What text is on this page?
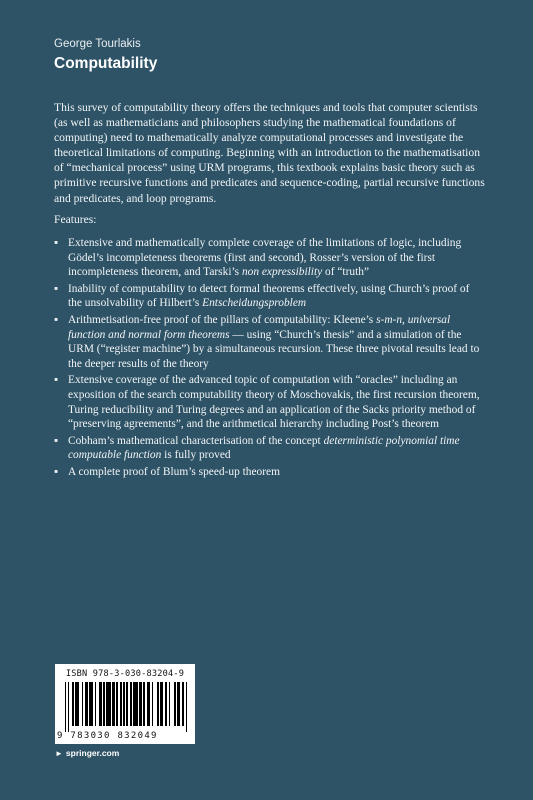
George Tourlakis
Computability

This survey of computability theory offers the techniques and tools that computer scientists (as well as mathematicians and philosophers studying the mathematical foundations of computing) need to mathematically analyze computational processes and investigate the theoretical limitations of computing. Beginning with an introduction to the mathematisation of “mechanical process” using URM programs, this textbook explains basic theory such as primitive recursive functions and predicates and sequence-coding, partial recursive functions and predicates, and loop programs.

Features:
▪ Extensive and mathematically complete coverage of the limitations of logic, including Gödel’s incompleteness theorems (first and second), Rosser’s version of the first incompleteness theorem, and Tarski’s non expressibility of “truth”
▪ Inability of computability to detect formal theorems effectively, using Church’s proof of the unsolvability of Hilbert’s Entscheidungsproblem
▪ Arithmetisation-free proof of the pillars of computability: Kleene’s s-m-n, universal function and normal form theorems — using “Church’s thesis” and a simulation of the URM (“register machine”) by a simultaneous recursion. These three pivotal results lead to the deeper results of the theory
▪ Extensive coverage of the advanced topic of computation with “oracles” including an exposition of the search computability theory of Moschovakis, the first recursion theorem, Turing reducibility and Turing degrees and an application of the Sacks priority method of “preserving agreements”, and the arithmetical hierarchy including Post’s theorem
▪ Cobham’s mathematical characterisation of the concept deterministic polynomial time computable function is fully proved
▪ A complete proof of Blum’s speed-up theorem
ISBN 978-3-030-83204-9
9 783030 832049
► springer.com
